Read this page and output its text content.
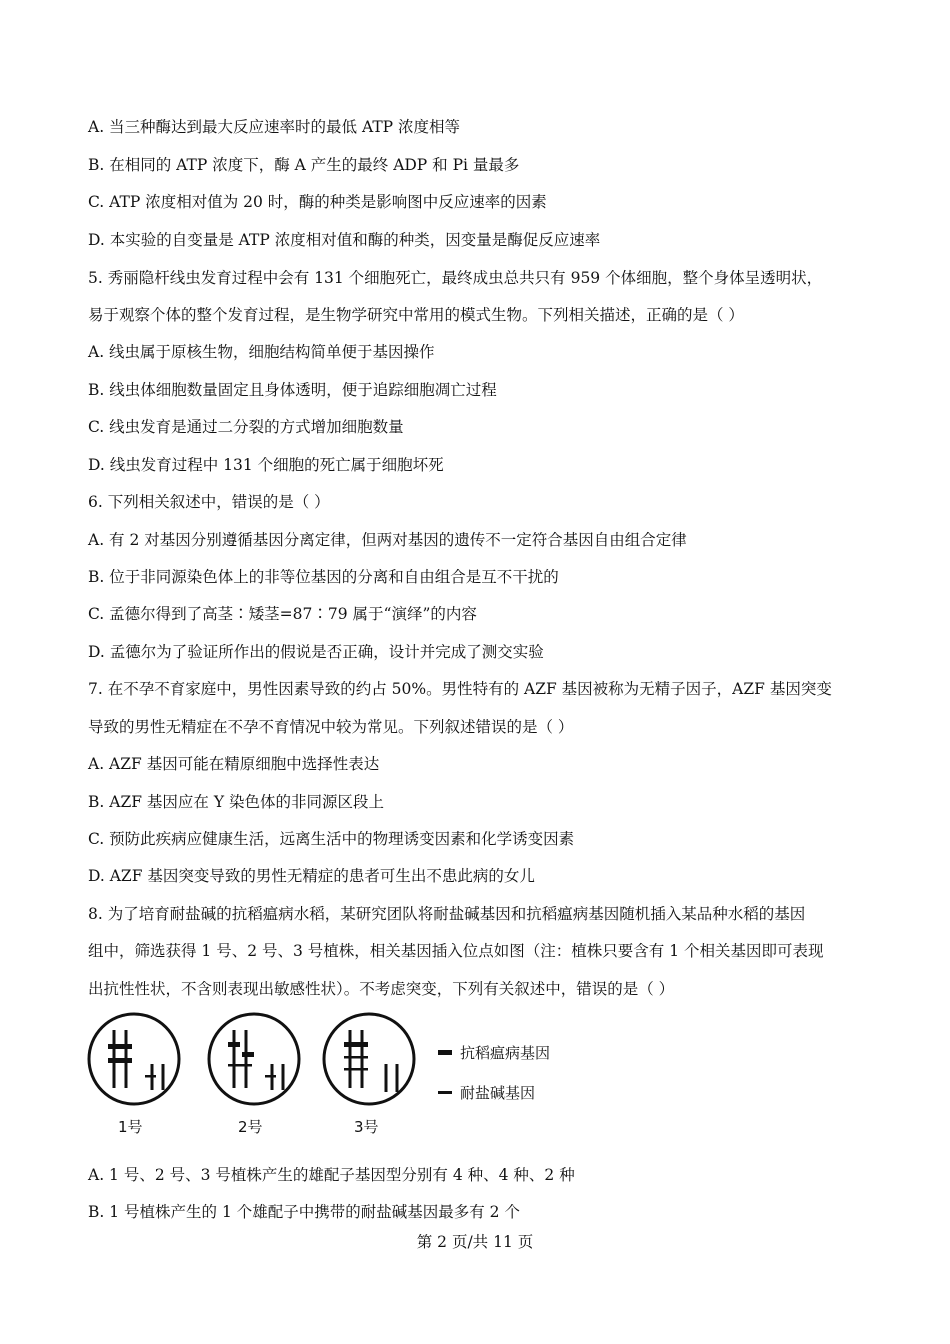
A. 当三种酶达到最大反应速率时的最低 ATP 浓度相等
B. 在相同的 ATP 浓度下，酶 A 产生的最终 ADP 和 Pi 量最多
C. ATP 浓度相对值为 20 时，酶的种类是影响图中反应速率的因素
D. 本实验的自变量是 ATP 浓度相对值和酶的种类，因变量是酶促反应速率
5. 秀丽隐杆线虫发育过程中会有 131 个细胞死亡，最终成虫总共只有 959 个体细胞，整个身体呈透明状，
易于观察个体的整个发育过程，是生物学研究中常用的模式生物。下列相关描述，正确的是（ ）
A. 线虫属于原核生物，细胞结构简单便于基因操作
B. 线虫体细胞数量固定且身体透明，便于追踪细胞凋亡过程
C. 线虫发育是通过二分裂的方式增加细胞数量
D. 线虫发育过程中 131 个细胞的死亡属于细胞坏死
6. 下列相关叙述中，错误的是（ ）
A. 有 2 对基因分别遵循基因分离定律，但两对基因的遗传不一定符合基因自由组合定律
B. 位于非同源染色体上的非等位基因的分离和自由组合是互不干扰的
C. 孟德尔得到了高茎∶矮茎=87∶79 属于“演绎”的内容
D. 孟德尔为了验证所作出的假说是否正确，设计并完成了测交实验
7. 在不孕不育家庭中，男性因素导致的约占 50%。男性特有的 AZF 基因被称为无精子因子，AZF 基因突变
导致的男性无精症在不孕不育情况中较为常见。下列叙述错误的是（ ）
A. AZF 基因可能在精原细胞中选择性表达
B. AZF 基因应在 Y 染色体的非同源区段上
C. 预防此疾病应健康生活，远离生活中的物理诱变因素和化学诱变因素
D. AZF 基因突变导致的男性无精症的患者可生出不患此病的女儿
8. 为了培育耐盐碱的抗稻瘟病水稻，某研究团队将耐盐碱基因和抗稻瘟病基因随机插入某品种水稻的基因
组中，筛选获得 1 号、2 号、3 号植株，相关基因插入位点如图（注：植株只要含有 1 个相关基因即可表现
出抗性性状，不含则表现出敏感性状）。不考虑突变，下列有关叙述中，错误的是（ ）
1号	2号	3号
抗稻瘟病基因
耐盐碱基因
A. 1 号、2 号、3 号植株产生的雄配子基因型分别有 4 种、4 种、2 种
B. 1 号植株产生的 1 个雄配子中携带的耐盐碱基因最多有 2 个
第 2 页/共 11 页
